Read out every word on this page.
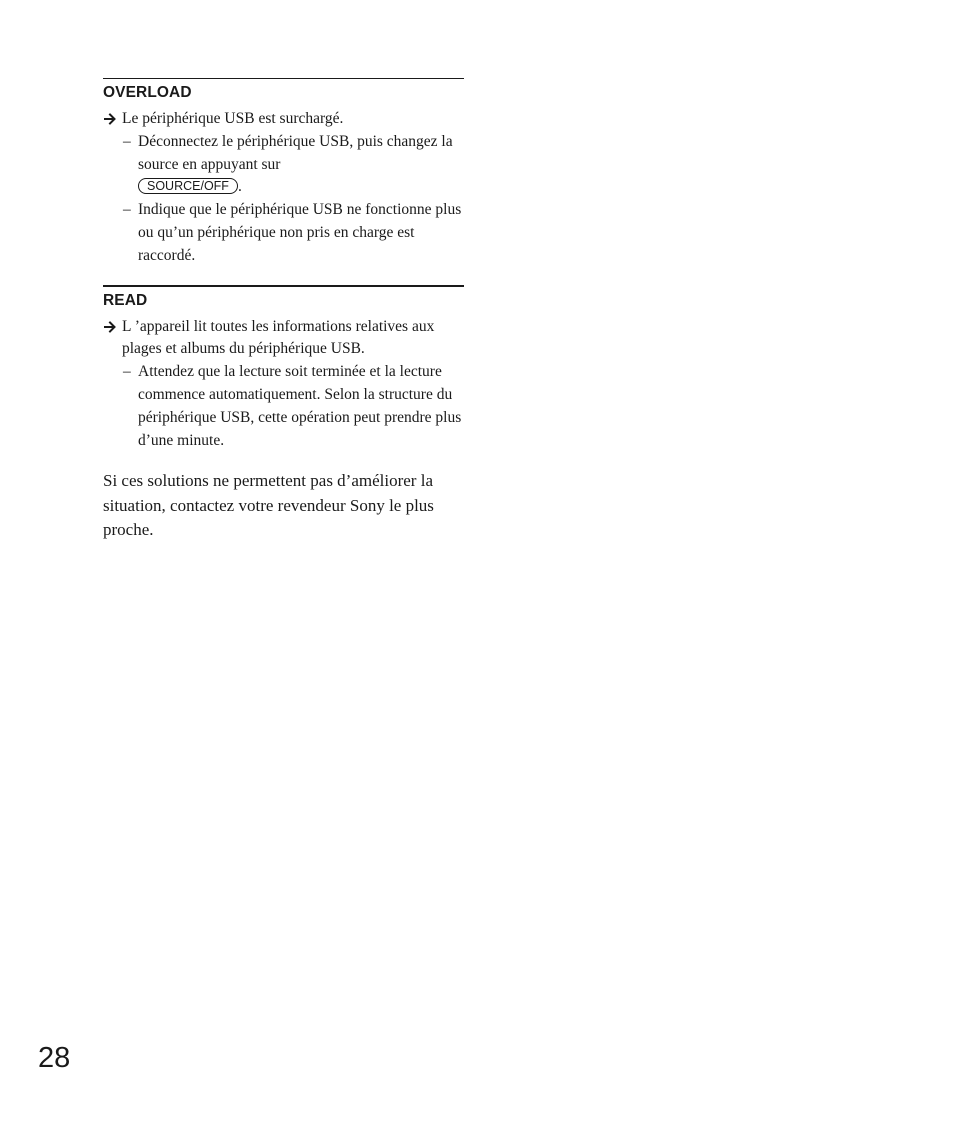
OVERLOAD
Le périphérique USB est surchargé.
– Déconnectez le périphérique USB, puis changez la source en appuyant sur
SOURCE/OFF .
– Indique que le périphérique USB ne fonctionne plus ou qu’un périphérique non pris en charge est raccordé.
READ
L ’appareil lit toutes les informations relatives aux plages et albums du périphérique USB.
– Attendez que la lecture soit terminée et la lecture commence automatiquement. Selon la structure du périphérique USB, cette opération peut prendre plus d’une minute.

Si ces solutions ne permettent pas d’améliorer la situation, contactez votre revendeur Sony le plus proche.

28
